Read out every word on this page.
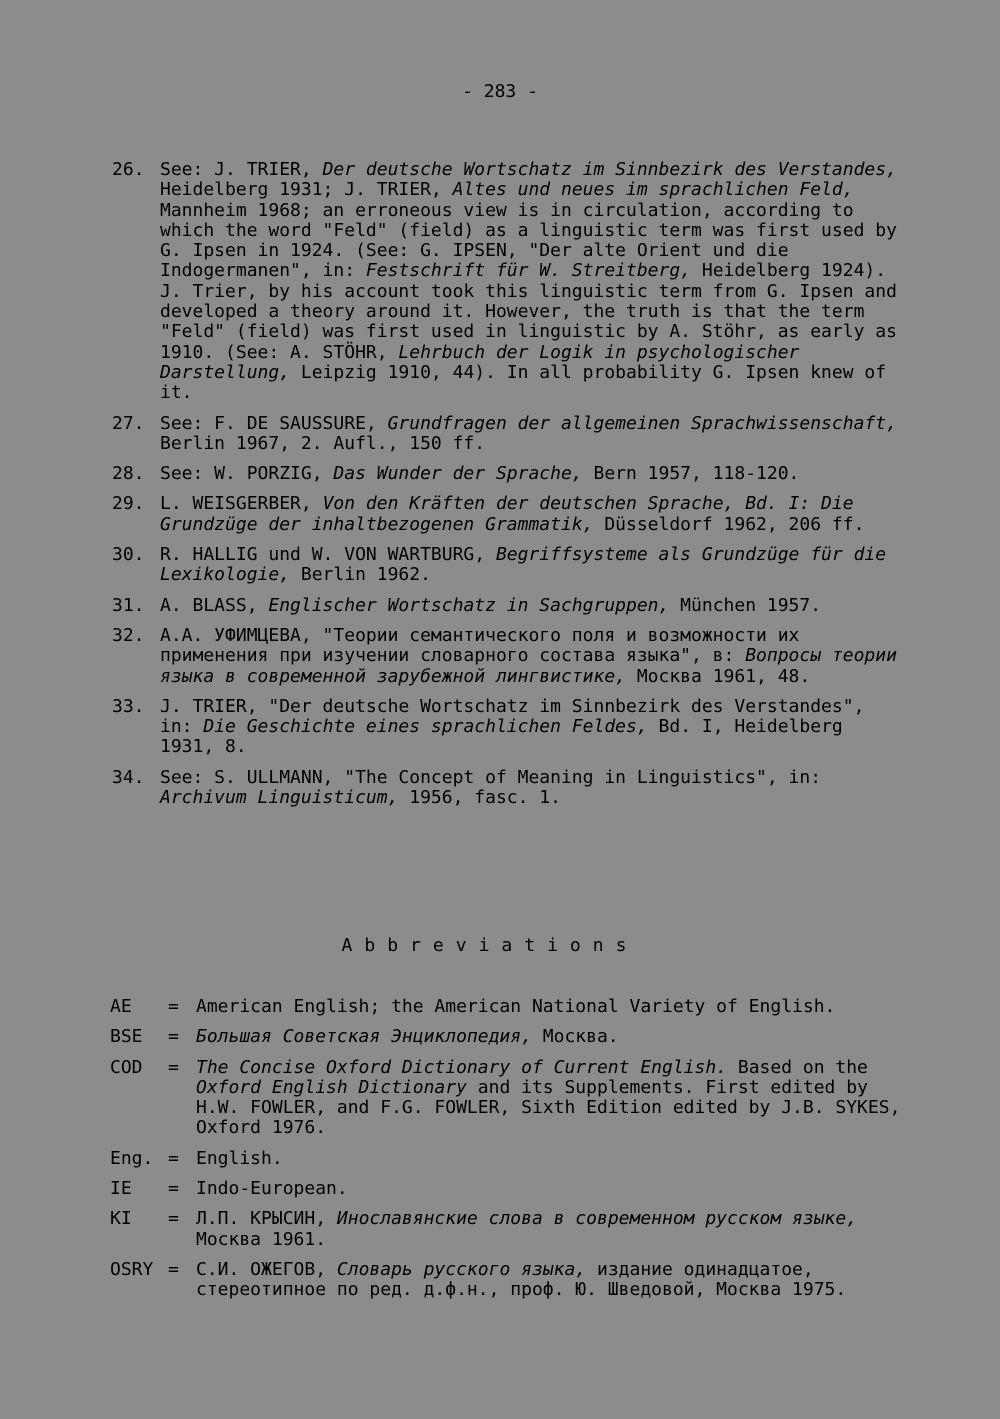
- 283 -
26. See: J. TRIER, Der deutsche Wortschatz im Sinnbezirk des Verstandes, Heidelberg 1931; J. TRIER, Altes und neues im sprachlichen Feld, Mannheim 1968; an erroneous view is in circulation, according to which the word "Feld" (field) as a linguistic term was first used by G. Ipsen in 1924. (See: G. IPSEN, "Der alte Orient und die Indogermanen", in: Festschrift für W. Streitberg, Heidelberg 1924). J. Trier, by his account took this linguistic term from G. Ipsen and developed a theory around it. However, the truth is that the term "Feld" (field) was first used in linguistic by A. Stöhr, as early as 1910. (See: A. STÖHR, Lehrbuch der Logik in psychologischer Darstellung, Leipzig 1910, 44). In all probability G. Ipsen knew of it.
27. See: F. DE SAUSSURE, Grundfragen der allgemeinen Sprachwissenschaft, Berlin 1967, 2. Aufl., 150 ff.
28. See: W. PORZIG, Das Wunder der Sprache, Bern 1957, 118-120.
29. L. WEISGERBER, Von den Kräften der deutschen Sprache, Bd. I: Die Grundzüge der inhaltbezogenen Grammatik, Düsseldorf 1962, 206 ff.
30. R. HALLIG und W. VON WARTBURG, Begriffsysteme als Grundzüge für die Lexikologie, Berlin 1962.
31. A. BLASS, Englischer Wortschatz in Sachgruppen, München 1957.
32. А.А. УФИМЦЕВА, "Теории семантического поля и возможности их применения при изучении словарного состава языка", в: Вопросы теории языка в современной зарубежной лингвистике, Москва 1961, 48.
33. J. TRIER, "Der deutsche Wortschatz im Sinnbezirk des Verstandes", in: Die Geschichte eines sprachlichen Feldes, Bd. I, Heidelberg 1931, 8.
34. See: S. ULLMANN, "The Concept of Meaning in Linguistics", in: Archivum Linguisticum, 1956, fasc. 1.
Abbreviations
AE	= American English; the American National Variety of English.
BSE	= Большая Советская Энциклопедия, Москва.
COD	= The Concise Oxford Dictionary of Current English. Based on the Oxford English Dictionary and its Supplements. First edited by H.W. FOWLER, and F.G. FOWLER, Sixth Edition edited by J.B. SYKES, Oxford 1976.
Eng. = English.
IE	= Indo-European.
KI	= Л.П. КРЫСИН, Иноcлавянские слова в современном русском языке, Москва 1961.
OSRY = С.И. ОЖЕГОВ, Словарь русского языка, издание одинадцатое, стереотипное по ред. д.ф.н., проф. Ю. Шведовой, Москва 1975.
